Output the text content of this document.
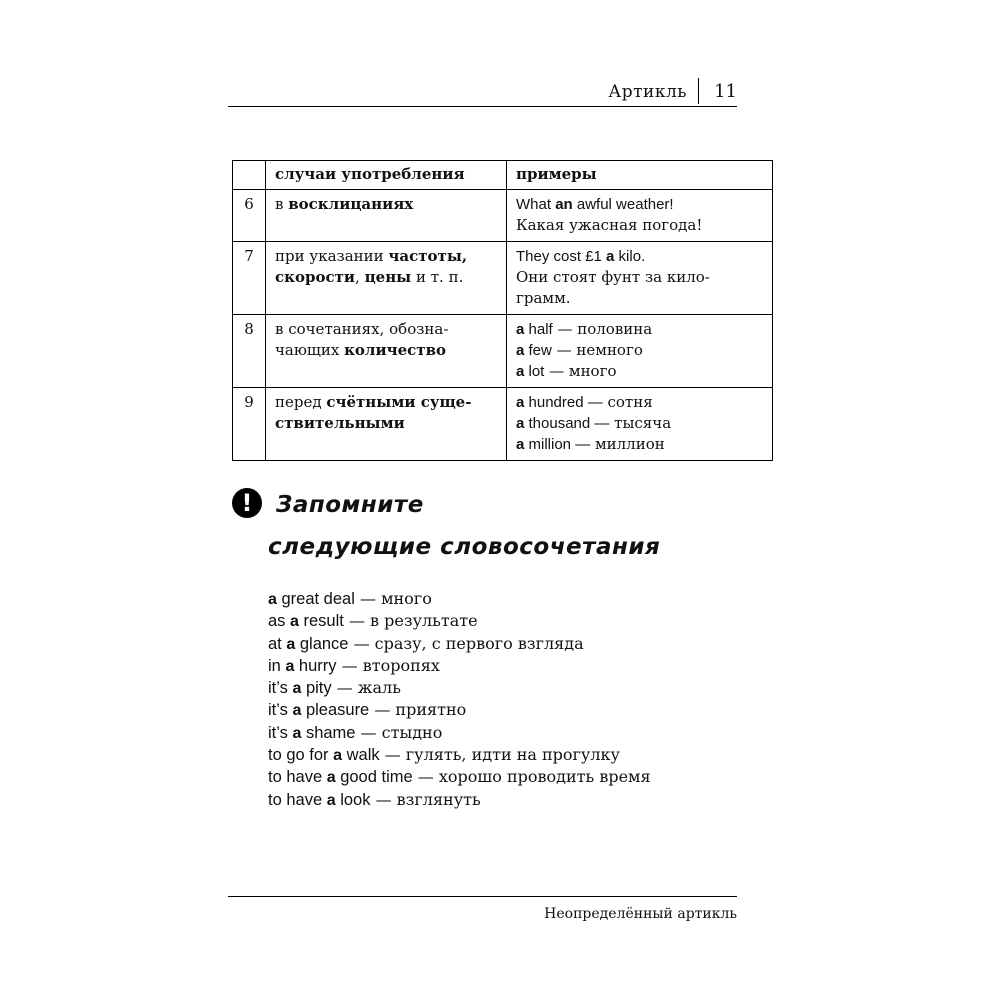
Артикль 11
	случаи употребления	примеры
6	в восклицаниях	What an awful weather!
Какая ужасная погода!

7	при указании частоты, скорости, цены и т. п.	They cost £1 a kilo.
Они стоят фунт за кило-
грамм.

8	в сочетаниях, обозна- чающих количество	a half — половина
a few — немного
a lot — много

9	перед счётными суще- ствительными	a hundred — сотня
a thousand — тысяча
a million — миллион
!	Запомните
следующие словосочетания
a great deal — много
as a result — в результате
at a glance — сразу, с первого взгляда
in a hurry — второпях
it’s a pity — жаль
it’s a pleasure — приятно
it’s a shame — стыдно
to go for a walk — гулять, идти на прогулку
to have a good time — хорошо проводить время
to have a look — взглянуть
Неопределённый артикль
